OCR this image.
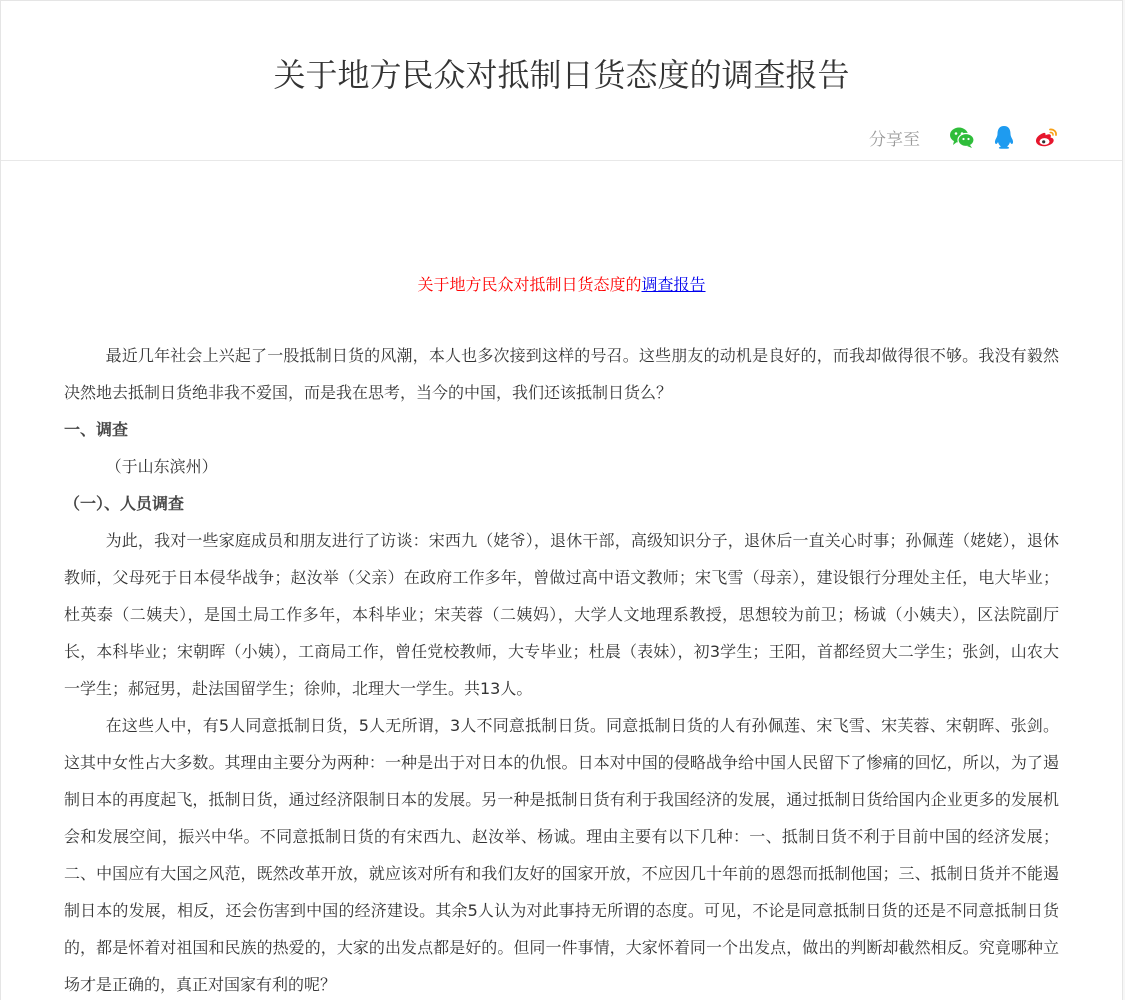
关于地方民众对抵制日货态度的调查报告
分享至
关于地方民众对抵制日货态度的调查报告

最近几年社会上兴起了一股抵制日货的风潮，本人也多次接到这样的号召。这些朋友的动机是良好的，而我却做得很不够。我没有毅然决然地去抵制日货绝非我不爱国，而是我在思考，当今的中国，我们还该抵制日货么？

一、调查

（于山东滨州）

（一）、人员调查

为此，我对一些家庭成员和朋友进行了访谈：宋西九（姥爷），退休干部，高级知识分子，退休后一直关心时事；孙佩莲（姥姥），退休教师，父母死于日本侵华战争；赵汝举（父亲）在政府工作多年，曾做过高中语文教师；宋飞雪（母亲），建设银行分理处主任，电大毕业；杜英泰（二姨夫），是国土局工作多年，本科毕业；宋芙蓉（二姨妈），大学人文地理系教授，思想较为前卫；杨诚（小姨夫），区法院副厅长，本科毕业；宋朝晖（小姨），工商局工作，曾任党校教师，大专毕业；杜晨（表妹），初3学生；王阳，首都经贸大二学生；张剑，山农大一学生；郝冠男，赴法国留学生；徐帅，北理大一学生。共13人。

在这些人中，有5人同意抵制日货，5人无所谓，3人不同意抵制日货。同意抵制日货的人有孙佩莲、宋飞雪、宋芙蓉、宋朝晖、张剑。这其中女性占大多数。其理由主要分为两种：一种是出于对日本的仇恨。日本对中国的侵略战争给中国人民留下了惨痛的回忆，所以，为了遏制日本的再度起飞，抵制日货，通过经济限制日本的发展。另一种是抵制日货有利于我国经济的发展，通过抵制日货给国内企业更多的发展机会和发展空间，振兴中华。不同意抵制日货的有宋西九、赵汝举、杨诚。理由主要有以下几种：一、抵制日货不利于目前中国的经济发展；二、中国应有大国之风范，既然改革开放，就应该对所有和我们友好的国家开放，不应因几十年前的恩怨而抵制他国；三、抵制日货并不能遏制日本的发展，相反，还会伤害到中国的经济建设。其余5人认为对此事持无所谓的态度。可见，不论是同意抵制日货的还是不同意抵制日货的，都是怀着对祖国和民族的热爱的，大家的出发点都是好的。但同一件事情，大家怀着同一个出发点，做出的判断却截然相反。究竟哪种立场才是正确的，真正对国家有利的呢？
